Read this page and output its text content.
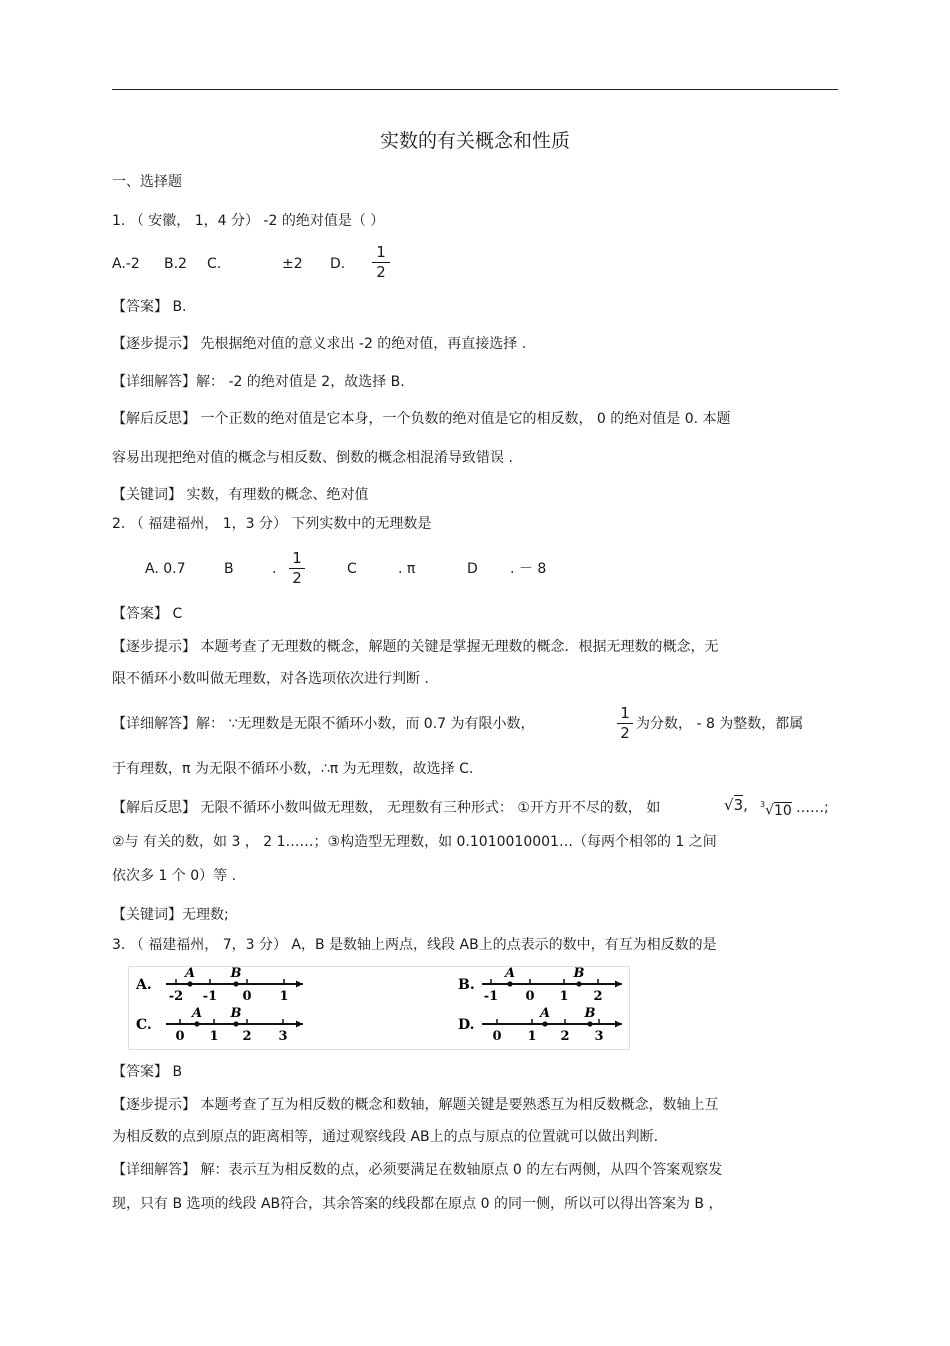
实数的有关概念和性质
一、选择题
1. （ 安徽， 1，4 分） -2 的绝对值是（ ）
A.-2 B.2 C.	±2 D.
1
2
【答案】 B.
【逐步提示】 先根据绝对值的意义求出 -2 的绝对值，再直接选择 .
【详细解答】解： -2 的绝对值是 2，故选择 B.
【解后反思】 一个正数的绝对值是它本身，一个负数的绝对值是它的相反数， 0 的绝对值是 0. 本题
容易出现把绝对值的概念与相反数、倒数的概念相混淆导致错误 .
【关键词】 实数，有理数的概念、绝对值
2. （ 福建福州， 1，3 分） 下列实数中的无理数是
A. 0.7	B	.
1
2	C	. π	D . － 8
【答案】 C
【逐步提示】 本题考查了无理数的概念，解题的关键是掌握无理数的概念．根据无理数的概念，无
限不循环小数叫做无理数，对各选项依次进行判断 .
【详细解答】解： ∵无理数是无限不循环小数，而 0.7 为有限小数，
1
2 为分数， - 8 为整数，都属
于有理数，π 为无限不循环小数，∴π 为无理数，故选择 C.
【解后反思】 无限不循环小数叫做无理数， 无理数有三种形式： ①开方开不尽的数， 如	√3, $^3$√10 ……;
②与 有关的数，如 3 ， 2 1……；③构造型无理数，如 0.1010010001…（每两个相邻的 1 之间
依次多 1 个 0）等 .
【关键词】无理数;
3. （ 福建福州， 7，3 分） A，B 是数轴上两点，线段 AB上的点表示的数中，有互为相反数的是
A.
-2 -1 0 1
A	B
B.
-1 0 1 2
A	B
C.
0 1 2 3
A B
D.
0 1 2 3
A	B
【答案】 B
【逐步提示】 本题考查了互为相反数的概念和数轴，解题关键是要熟悉互为相反数概念，数轴上互
为相反数的点到原点的距离相等，通过观察线段 AB上的点与原点的位置就可以做出判断.
【详细解答】 解：表示互为相反数的点，必须要满足在数轴原点 0 的左右两侧，从四个答案观察发
现，只有 B 选项的线段 AB符合，其余答案的线段都在原点 0 的同一侧，所以可以得出答案为 B ，
